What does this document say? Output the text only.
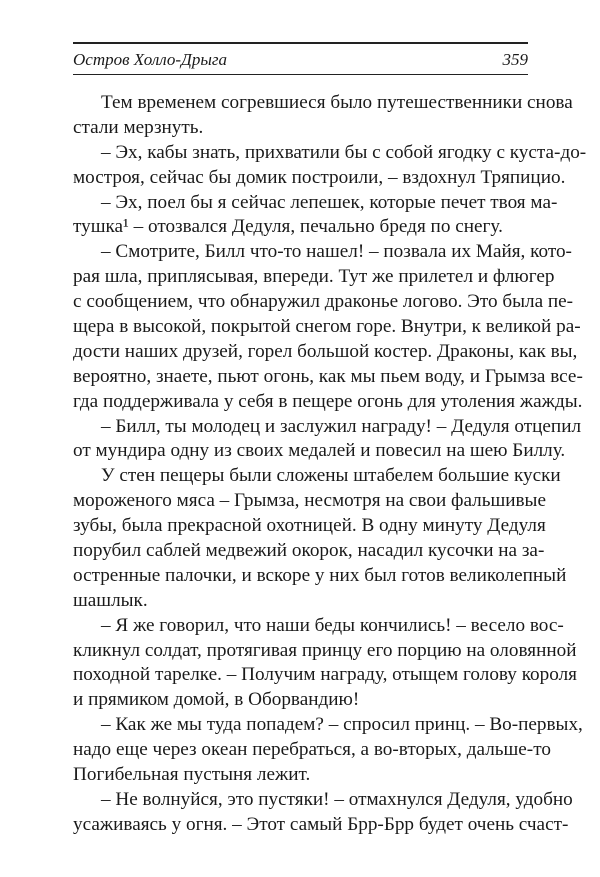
Остров Холло-Дрыга	359
Тем временем согревшиеся было путешественники снова
стали мерзнуть.
– Эх, кабы знать, прихватили бы с собой ягодку с куста-до-
мостроя, сейчас бы домик построили, – вздохнул Тряпицио.
– Эх, поел бы я сейчас лепешек, которые печет твоя ма-
тушка¹ – отозвался Дедуля, печально бредя по снегу.
– Смотрите, Билл что-то нашел! – позвала их Майя, кото-
рая шла, приплясывая, впереди. Тут же прилетел и флюгер
с сообщением, что обнаружил драконье логово. Это была пе-
щера в высокой, покрытой снегом горе. Внутри, к великой ра-
дости наших друзей, горел большой костер. Драконы, как вы,
вероятно, знаете, пьют огонь, как мы пьем воду, и Грымза все-
гда поддерживала у себя в пещере огонь для утоления жажды.
– Билл, ты молодец и заслужил награду! – Дедуля отцепил
от мундира одну из своих медалей и повесил на шею Биллу.
У стен пещеры были сложены штабелем большие куски
мороженого мяса – Грымза, несмотря на свои фальшивые
зубы, была прекрасной охотницей. В одну минуту Дедуля
порубил саблей медвежий окорок, насадил кусочки на за-
остренные палочки, и вскоре у них был готов великолепный
шашлык.
– Я же говорил, что наши беды кончились! – весело вос-
кликнул солдат, протягивая принцу его порцию на оловянной
походной тарелке. – Получим награду, отыщем голову короля
и прямиком домой, в Оборвандию!
– Как же мы туда попадем? – спросил принц. – Во-первых,
надо еще через океан перебраться, а во-вторых, дальше-то
Погибельная пустыня лежит.
– Не волнуйся, это пустяки! – отмахнулся Дедуля, удобно
усаживаясь у огня. – Этот самый Брр-Брр будет очень счаст-
